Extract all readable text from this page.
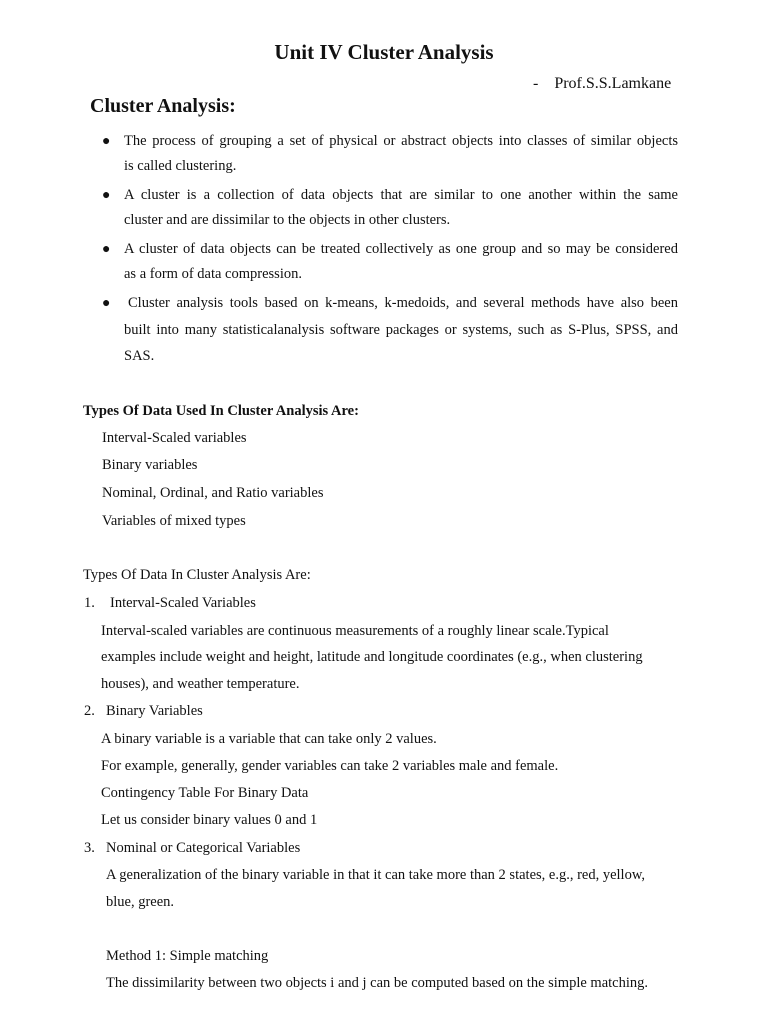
Unit IV Cluster Analysis
- Prof.S.S.Lamkane
Cluster Analysis:
● The process of grouping a set of physical or abstract objects into classes of similar objects
is called clustering.
● A cluster is a collection of data objects that are similar to one another within the same
cluster and are dissimilar to the objects in other clusters.
● A cluster of data objects can be treated collectively as one group and so may be considered
as a form of data compression.
● Cluster analysis tools based on k-means, k-medoids, and several methods have also been
built into many statisticalanalysis software packages or systems, such as S-Plus, SPSS, and
SAS.
Types Of Data Used In Cluster Analysis Are:
Interval-Scaled variables
Binary variables
Nominal, Ordinal, and Ratio variables
Variables of mixed types
Types Of Data In Cluster Analysis Are:
1. Interval-Scaled Variables
Interval-scaled variables are continuous measurements of a roughly linear scale.Typical
examples include weight and height, latitude and longitude coordinates (e.g., when clustering
houses), and weather temperature.
2. Binary Variables
A binary variable is a variable that can take only 2 values.
For example, generally, gender variables can take 2 variables male and female.
Contingency Table For Binary Data
Let us consider binary values 0 and 1
3. Nominal or Categorical Variables
A generalization of the binary variable in that it can take more than 2 states, e.g., red, yellow,
blue, green.
Method 1: Simple matching
The dissimilarity between two objects i and j can be computed based on the simple matching.
